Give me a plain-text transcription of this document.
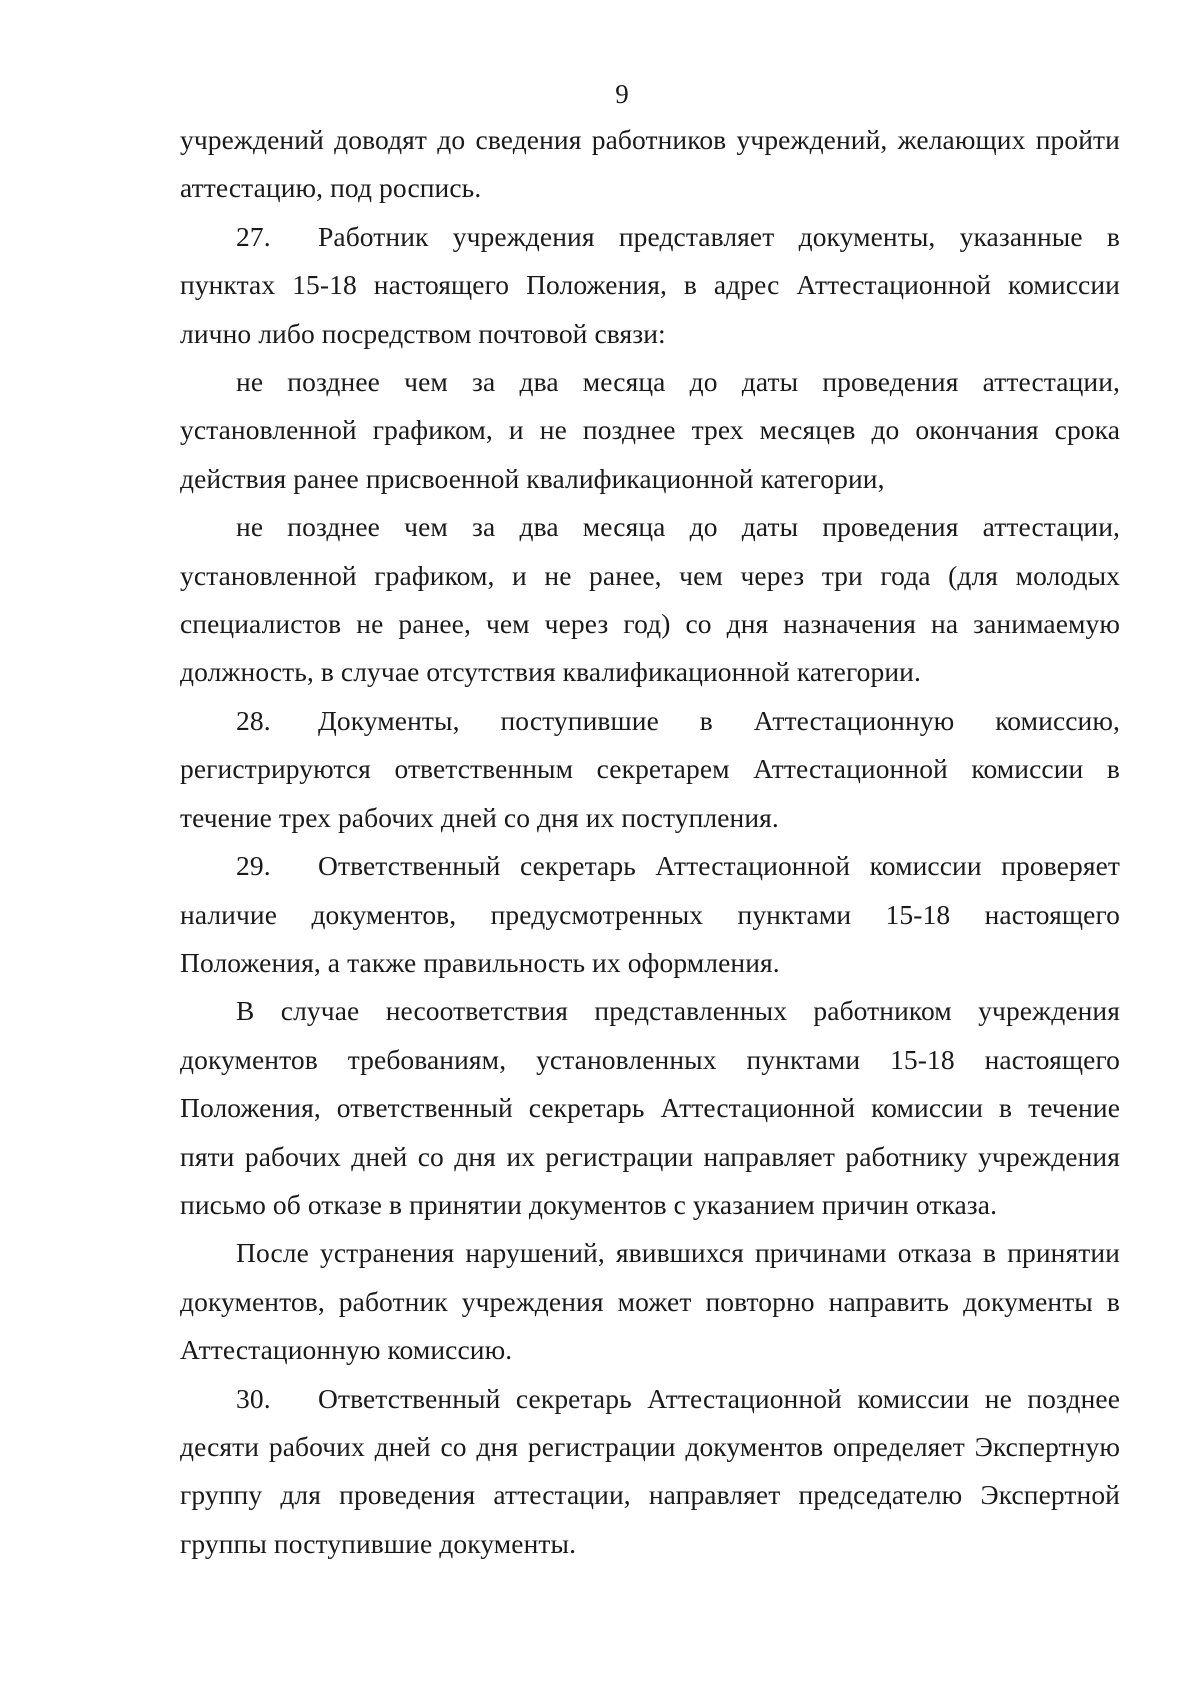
9

учреждений доводят до сведения работников учреждений, желающих пройти аттестацию, под роспись.

27. Работник учреждения представляет документы, указанные в пунктах 15-18 настоящего Положения, в адрес Аттестационной комиссии лично либо посредством почтовой связи:

не позднее чем за два месяца до даты проведения аттестации, установленной графиком, и не позднее трех месяцев до окончания срока действия ранее присвоенной квалификационной категории,

не позднее чем за два месяца до даты проведения аттестации, установленной графиком, и не ранее, чем через три года (для молодых специалистов не ранее, чем через год) со дня назначения на занимаемую должность, в случае отсутствия квалификационной категории.

28. Документы, поступившие в Аттестационную комиссию, регистрируются ответственным секретарем Аттестационной комиссии в течение трех рабочих дней со дня их поступления.

29. Ответственный секретарь Аттестационной комиссии проверяет наличие документов, предусмотренных пунктами 15-18 настоящего Положения, а также правильность их оформления.

В случае несоответствия представленных работником учреждения документов требованиям, установленных пунктами 15-18 настоящего Положения, ответственный секретарь Аттестационной комиссии в течение пяти рабочих дней со дня их регистрации направляет работнику учреждения письмо об отказе в принятии документов с указанием причин отказа.

После устранения нарушений, явившихся причинами отказа в принятии документов, работник учреждения может повторно направить документы в Аттестационную комиссию.

30. Ответственный секретарь Аттестационной комиссии не позднее десяти рабочих дней со дня регистрации документов определяет Экспертную группу для проведения аттестации, направляет председателю Экспертной группы поступившие документы.
